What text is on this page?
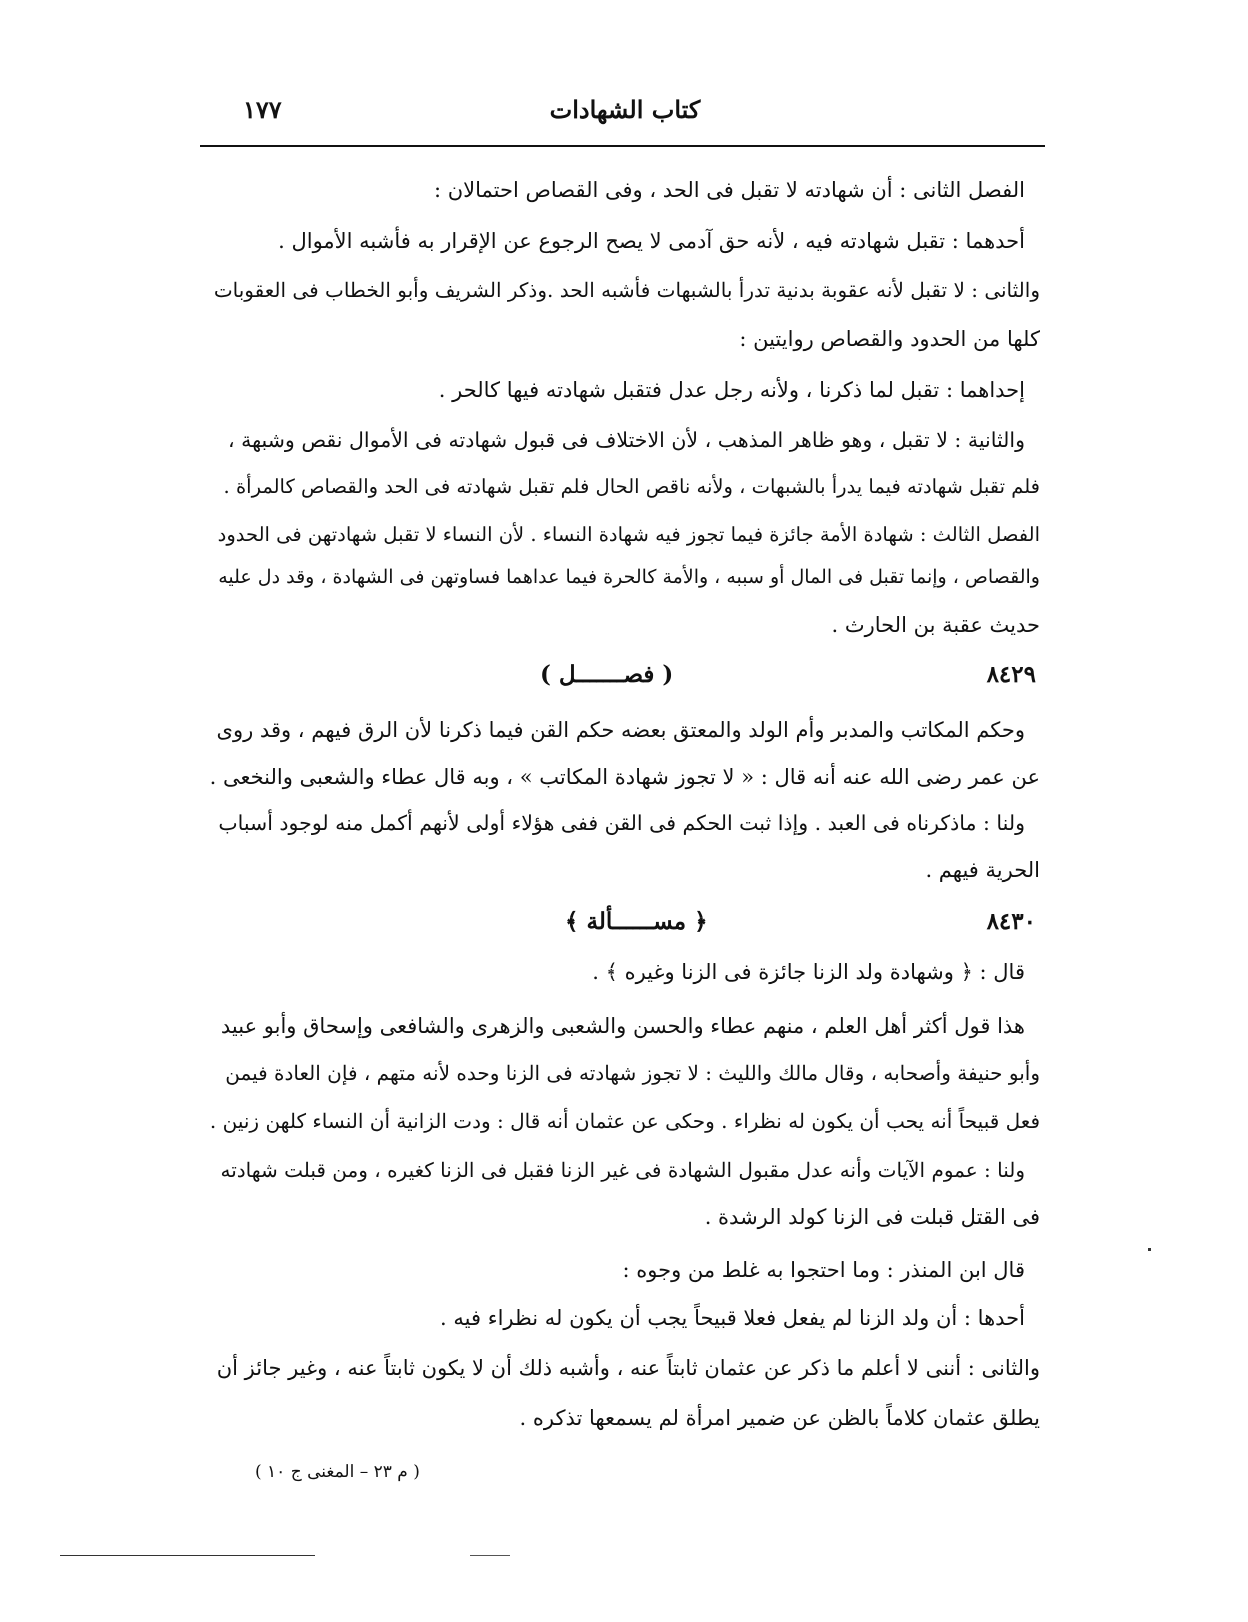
كتاب الشهادات
١٧٧
الفصل الثانى : أن شهادته لا تقبل فى الحد ، وفى القصاص احتمالان :
أحدهما : تقبل شهادته فيه ، لأنه حق آدمى لا يصح الرجوع عن الإقرار به فأشبه الأموال .
والثانى : لا تقبل لأنه عقوبة بدنية تدرأ بالشبهات فأشبه الحد .وذكر الشريف وأبو الخطاب فى العقوبات
كلها من الحدود والقصاص روايتين :
إحداهما : تقبل لما ذكرنا ، ولأنه رجل عدل فتقبل شهادته فيها كالحر .
والثانية : لا تقبل ، وهو ظاهر المذهب ، لأن الاختلاف فى قبول شهادته فى الأموال نقص وشبهة ،
فلم تقبل شهادته فيما يدرأ بالشبهات ، ولأنه ناقص الحال فلم تقبل شهادته فى الحد والقصاص كالمرأة .
الفصل الثالث : شهادة الأمة جائزة فيما تجوز فيه شهادة النساء . لأن النساء لا تقبل شهادتهن فى الحدود
والقصاص ، وإنما تقبل فى المال أو سببه ، والأمة كالحرة فيما عداهما فساوتهن فى الشهادة ، وقد دل عليه
حديث عقبة بن الحارث .
٨٤٢٩
( فصـــــــل )
وحكم المكاتب والمدبر وأم الولد والمعتق بعضه حكم القن فيما ذكرنا لأن الرق فيهم ، وقد روى
عن عمر رضى الله عنه أنه قال : « لا تجوز شهادة المكاتب » ، وبه قال عطاء والشعبى والنخعى .
ولنا : ماذكرناه فى العبد . وإذا ثبت الحكم فى القن ففى هؤلاء أولى لأنهم أكمل منه لوجود أسباب
الحرية فيهم .
٨٤٣٠
﴿ مســــــألة ﴾
قال : ﴿ وشهادة ولد الزنا جائزة فى الزنا وغيره ﴾ .
هذا قول أكثر أهل العلم ، منهم عطاء والحسن والشعبى والزهرى والشافعى وإسحاق وأبو عبيد
وأبو حنيفة وأصحابه ، وقال مالك والليث : لا تجوز شهادته فى الزنا وحده لأنه متهم ، فإن العادة فيمن
فعل قبيحاً أنه يحب أن يكون له نظراء . وحكى عن عثمان أنه قال : ودت الزانية أن النساء كلهن زنين .
ولنا : عموم الآيات وأنه عدل مقبول الشهادة فى غير الزنا فقبل فى الزنا كغيره ، ومن قبلت شهادته
فى القتل قبلت فى الزنا كولد الرشدة .
قال ابن المنذر : وما احتجوا به غلط من وجوه :
أحدها : أن ولد الزنا لم يفعل فعلا قبيحاً يجب أن يكون له نظراء فيه .
والثانى : أننى لا أعلم ما ذكر عن عثمان ثابتاً عنه ، وأشبه ذلك أن لا يكون ثابتاً عنه ، وغير جائز أن
يطلق عثمان كلاماً بالظن عن ضمير امرأة لم يسمعها تذكره .
( م ٢٣ – المغنى ج ١٠ )
